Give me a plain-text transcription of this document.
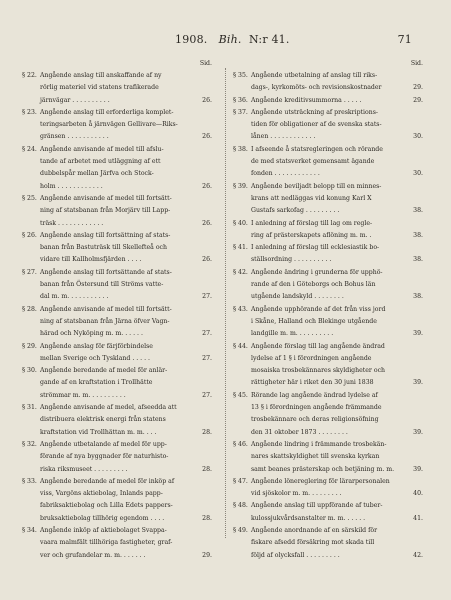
1908. Bih. N:r 41.	71
Sid.
§ 22. Angående anslag till anskaffande af ny
rörlig materiel vid statens trafikerade
järnvägar . . . . . . . . . .	26.
§ 23. Angående anslag till erforderliga komplet-
teringsarbeten å järnvägen Gellivare—Riks-
gränsen . . . . . . . . . . .	26.
§ 24. Angående anvisande af medel till afslu-
tande af arbetet med utläggning af ett
dubbelspår mellan Järfva och Stock-
holm . . . . . . . . . . . .	26.
§ 25. Angående anvisande af medel till fortsätt-
ning af statsbanan från Morjärv till Lapp-
träsk . . . . . . . . . . . .	26.
§ 26. Angående anslag till fortsättning af stats-
banan från Bastuträsk till Skellefteå och
vidare till Kallholmsfjärden . . . .	26.
§ 27. Angående anslag till fortsättande af stats-
banan från Östersund till Ströms vatte-
dal m. m. . . . . . . . . . .	27.
§ 28. Angående anvisande af medel till fortsätt-
ning af statsbanan från Järna öfver Vagn-
härad och Nyköping m. m. . . . . .	27.
§ 29. Angående anslag för färjförbindelse
mellan Sverige och Tyskland . . . . .	27.
§ 30. Angående beredande af medel för anlär-
gande af en kraftstation i Trollhätte
strömmar m. m. . . . . . . . . .	27.
§ 31. Angående anvisande af medel, afseedda att
distribuera elektrisk energi från statens
kraftstation vid Trollhättan m. m. . . .	28.
§ 32. Angående utbetalande af medel för upp-
förande af nya byggnader för naturhisto-
riska riksmuseet . . . . . . . . .	28.
§ 33. Angående beredande af medel för inköp af
viss, Vargöns aktiebolag, Inlands papp-
fabriksaktiebolag och Lilla Edets pappers-
bruksaktiebolag tillhörig egendom . . . .	28.
§ 34. Angående inköp af aktiebolaget Svappa-
vaara malmfält tillhöriga fastigheter, graf-
ver och grufandelar m. m. . . . . . .	29.
Sid.
§ 35. Angående utbetalning af anslag till riks-
dags-, kyrkomöts- och revisionskostnader	29.
§ 36. Angående kreditivsummorna . . . . .	29.
§ 37. Angående utsträckning af preskriptions-
tiden för obligationer af de svenska stats-
lånen . . . . . . . . . . . .	30.
§ 38. I afseende å statsregleringen och rörande
de med statsverket gemensamt ägande
fonden . . . . . . . . . . . .	30.
§ 39. Angående beviljadt belopp till en minnes-
krans att nedläggas vid konung Karl X
Gustafs sarkofag . . . . . . . . .	38.
§ 40. I anledning af förslag till lag om regle-
ring af prästerskapets aflöning m. m. .	38.
§ 41. I anledning af förslag till ecklesiastik bo-
ställsordning . . . . . . . . . .	38.
§ 42. Angående ändring i grunderna för upphö-
rande af den i Göteborgs och Bohus län
utgående landskyld . . . . . . . .	38.
§ 43. Angående upphörande af det från viss jord
i Skåne, Halland och Blekinge utgående
landgille m. m. . . . . . . . . .	39.
§ 44. Angående förslag till lag angående ändrad
lydelse af 1 § i förordningen angående
mosaiska trosbekännares skyldigheter och
rättigheter här i riket den 30 juni 1838	39.
§ 45. Rörande lag angående ändrad lydelse af
13 § i förordningen angående främmande
trosbekännare och deras religionsöfning
den 31 oktober 1873 . . . . . . . .	39.
§ 46. Angående lindring i främmande trosbekän-
nares skattskyldighet till svenska kyrkan
samt beanes prästerskap och betjäning m. m.	39.
§ 47. Angående lönereglering för lärarpersonalen
vid sjöskolor m. m. . . . . . . . .	40.
§ 48. Angående anslag till uppförande af tuber-
kulossjukvårdsanstalter m. m. . . . . .	41.
§ 49. Angående anordnande af en särskild för
fiskare afsedd försäkring mot skada till
följd af olycksfall . . . . . . . . .	42.
